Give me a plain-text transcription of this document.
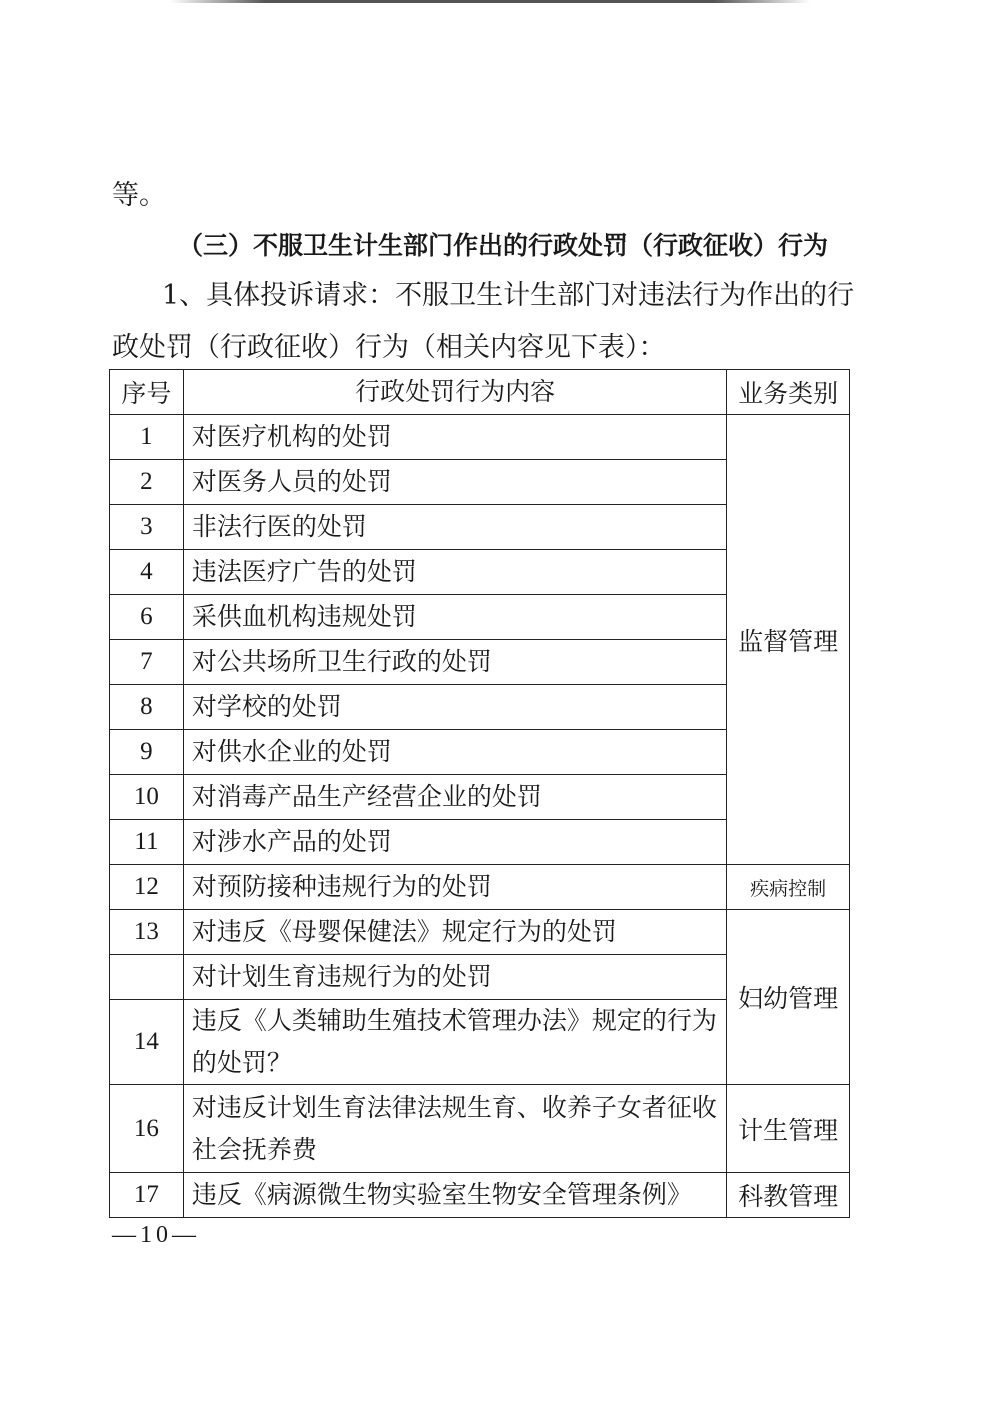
等。
（三）不服卫生计生部门作出的行政处罚（行政征收）行为
1、具体投诉请求：不服卫生计生部门对违法行为作出的行
政处罚（行政征收）行为（相关内容见下表）：
序号	行政处罚行为内容	业务类别
1	对医疗机构的处罚	监督管理
2	对医务人员的处罚	
3	非法行医的处罚	
4	违法医疗广告的处罚	
6	采供血机构违规处罚	
7	对公共场所卫生行政的处罚	
8	对学校的处罚	
9	对供水企业的处罚	
10	对消毒产品生产经营企业的处罚	
11	对涉水产品的处罚	
12	对预防接种违规行为的处罚	疾病控制
13	对违反《母婴保健法》规定行为的处罚	妇幼管理
	对计划生育违规行为的处罚	
14	违反《人类辅助生殖技术管理办法》规定的行为的处罚？	
16	对违反计划生育法律法规生育、收养子女者征收社会抚养费	计生管理
17	违反《病源微生物实验室生物安全管理条例》	科教管理
—10—
